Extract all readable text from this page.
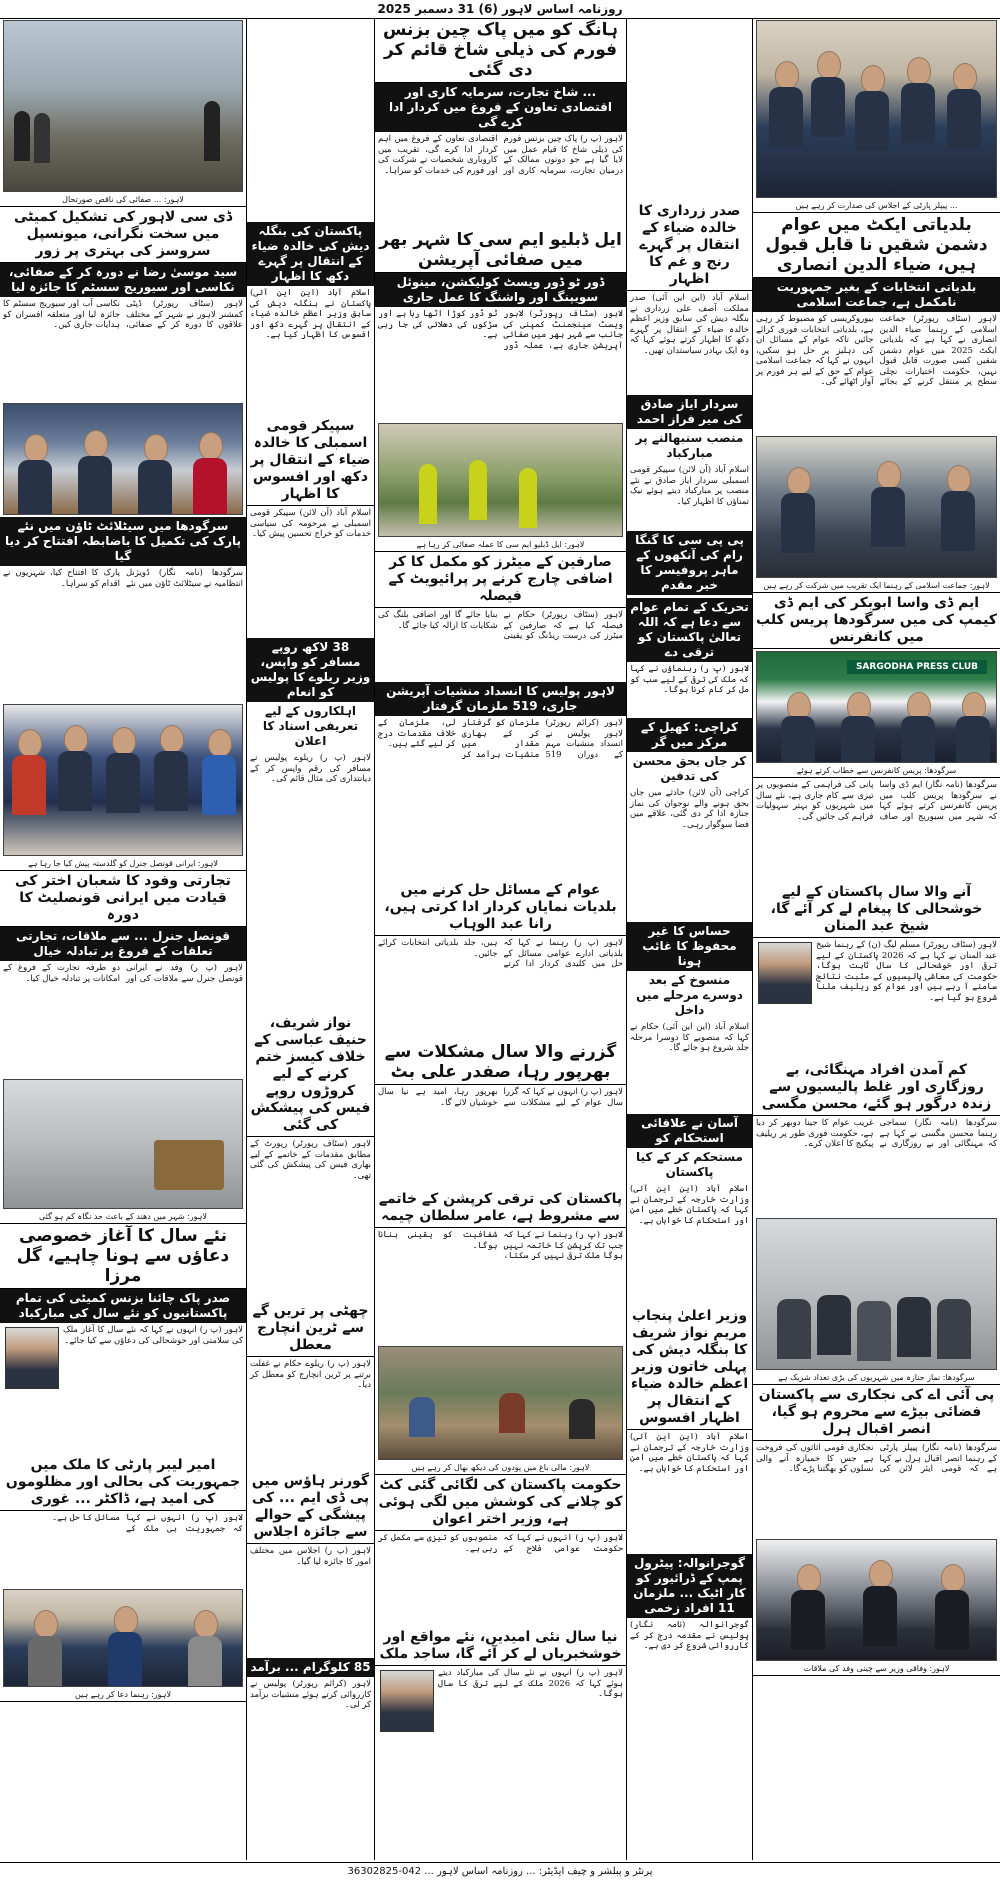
روزنامہ اساس لاہور (6) 31 دسمبر 2025
... پیپلز پارٹی کے اجلاس کی صدارت کر رہے ہیں
بلدیاتی ایکٹ میں عوام دشمن شقیں نا قابل قبول ہیں، ضیاء الدین انصاری
بلدیاتی انتخابات کے بغیر جمہوریت نامکمل ہے، جماعت اسلامی
لاہور (سٹاف رپورٹر) جماعت اسلامی کے رہنما ضیاء الدین انصاری نے کہا ہے کہ بلدیاتی ایکٹ 2025 میں عوام دشمن شقیں کسی صورت قابل قبول نہیں، حکومت اختیارات نچلی سطح پر منتقل کرنے کے بجائے بیوروکریسی کو مضبوط کر رہی ہے، بلدیاتی انتخابات فوری کرائے جائیں تاکہ عوام کے مسائل ان کی دہلیز پر حل ہو سکیں، انہوں نے کہا کہ جماعت اسلامی عوام کے حق کے لیے ہر فورم پر آواز اٹھائے گی۔
لاہور: جماعت اسلامی کے رہنما ایک تقریب میں شرکت کر رہے ہیں
ایم ڈی واسا ابوبکر کی ایم ڈی کیمپ کی میں سرگودھا پریس کلب میں کانفرنس
SARGODHA PRESS CLUB
سرگودھا: پریس کانفرنس سے خطاب کرتے ہوئے
سرگودھا (نامہ نگار) ایم ڈی واسا نے سرگودھا پریس کلب میں پریس کانفرنس کرتے ہوئے کہا کہ شہر میں سیوریج اور صاف پانی کی فراہمی کے منصوبوں پر تیزی سے کام جاری ہے، نئے سال میں شہریوں کو بہتر سہولیات فراہم کی جائیں گی۔
آنے والا سال پاکستان کے لیے خوشحالی کا پیغام لے کر آئے گا، شیخ عبد المنان
لاہور (سٹاف رپورٹر) مسلم لیگ (ن) کے رہنما شیخ عبد المنان نے کہا ہے کہ 2026 پاکستان کے لیے ترقی اور خوشحالی کا سال ثابت ہوگا، حکومت کی معاشی پالیسیوں کے مثبت نتائج سامنے آ رہے ہیں اور عوام کو ریلیف ملنا شروع ہو گیا ہے۔
کم آمدن افراد مہنگائی، بے روزگاری اور غلط پالیسیوں سے زندہ درگور ہو گئے، محسن مگسی
سرگودھا (نامہ نگار) سماجی رہنما محسن مگسی نے کہا ہے کہ مہنگائی اور بے روزگاری نے غریب عوام کا جینا دوبھر کر دیا ہے، حکومت فوری طور پر ریلیف پیکیج کا اعلان کرے۔
سرگودھا: نماز جنازہ میں شہریوں کی بڑی تعداد شریک ہے
پی آئی اے کی نجکاری سے پاکستان فضائی بیڑے سے محروم ہو گیا، انصر اقبال ہرل
سرگودھا (نامہ نگار) پیپلز پارٹی کے رہنما انصر اقبال ہرل نے کہا ہے کہ قومی ایئر لائن کی نجکاری قومی اثاثوں کی فروخت ہے جس کا خمیازہ آنے والی نسلوں کو بھگتنا پڑے گا۔
لاہور: وفاقی وزیر سے چینی وفد کی ملاقات
صدر زرداری کا خالدہ ضیاء کے انتقال پر گہرے رنج و غم کا اظہار
اسلام آباد (این این آئی) صدر مملکت آصف علی زرداری نے بنگلہ دیش کی سابق وزیر اعظم خالدہ ضیاء کے انتقال پر گہرے دکھ کا اظہار کرتے ہوئے کہا کہ وہ ایک بہادر سیاستدان تھیں۔
سردار ایاز صادق کی میر فراز احمد
منصب سنبھالنے پر مبارکباد
اسلام آباد (آن لائن) سپیکر قومی اسمبلی سردار ایاز صادق نے نئے منصب پر مبارکباد دیتے ہوئے نیک تمناؤں کا اظہار کیا۔
پی پی سی کا گنگا رام کی آنکھوں کے ماہر پروفیسر کا خیر مقدم
تحریک کے تمام عوام سے دعا ہے کہ اللہ تعالیٰ پاکستان کو ترقی دے
لاہور (پ ر) رہنماؤں نے کہا کہ ملک کی ترقی کے لیے سب کو مل کر کام کرنا ہوگا۔
کراچی: کھیل کے مرکز میں گر
کر جاں بحق محسن کی تدفین
کراچی (آن لائن) حادثے میں جاں بحق ہونے والے نوجوان کی نماز جنازہ ادا کر دی گئی، علاقے میں فضا سوگوار رہی۔
حساس کا غیر محفوظ کا غائب ہونا
منسوخ کے بعد دوسرے مرحلے میں داخل
اسلام آباد (این این آئی) حکام نے کہا کہ منصوبے کا دوسرا مرحلہ جلد شروع ہو جائے گا۔
آسان نے علاقائی استحکام کو
مستحکم کر کے کیا پاکستان
اسلام آباد (این این آئی) وزارت خارجہ کے ترجمان نے کہا کہ پاکستان خطے میں امن اور استحکام کا خواہاں ہے۔
وزیر اعلیٰ پنجاب مریم نواز شریف کا بنگلہ دیش کی پہلی خاتون وزیر اعظم خالدہ ضیاء کے انتقال پر اظہار افسوس
اسلام آباد (این این آئی) وزارت خارجہ کے ترجمان نے کہا کہ پاکستان خطے میں امن اور استحکام کا خواہاں ہے۔
گوجرانوالہ: پیٹرول پمپ کے ڈرائیور کو کار اٹیک ... ملزمان 11 افراد زخمی
گوجرانوالہ (نامہ نگار) پولیس نے مقدمہ درج کر کے کارروائی شروع کر دی ہے۔
ہانگ کو میں پاک چین بزنس فورم کی ذیلی شاخ قائم کر دی گئی
... شاخ تجارت، سرمایہ کاری اور اقتصادی تعاون کے فروغ میں کردار ادا کرے گی
لاہور (پ ر) پاک چین بزنس فورم کی ذیلی شاخ کا قیام عمل میں لایا گیا ہے جو دونوں ممالک کے درمیان تجارت، سرمایہ کاری اور اقتصادی تعاون کے فروغ میں اہم کردار ادا کرے گی، تقریب میں کاروباری شخصیات نے شرکت کی اور فورم کی خدمات کو سراہا۔
ایل ڈبلیو ایم سی کا شہر بھر میں صفائی آپریشن
ڈور ٹو ڈور ویسٹ کولیکشن، مینوئل سویپنگ اور واشنگ کا عمل جاری
لاہور (سٹاف رپورٹر) لاہور ویسٹ مینجمنٹ کمپنی کی جانب سے شہر بھر میں صفائی آپریشن جاری ہے، عملہ ڈور ٹو ڈور کوڑا اٹھا رہا ہے اور سڑکوں کی دھلائی کی جا رہی ہے۔
لاہور: ایل ڈبلیو ایم سی کا عملہ صفائی کر رہا ہے
صارفین کے میٹرز کو مکمل کا کر اضافی چارج کرنے پر پرائیویٹ کے فیصلہ
لاہور (سٹاف رپورٹر) حکام نے فیصلہ کیا ہے کہ صارفین کے میٹرز کی درست ریڈنگ کو یقینی بنایا جائے گا اور اضافی بلنگ کی شکایات کا ازالہ کیا جائے گا۔
لاہور پولیس کا انسداد منشیات آپریشن جاری، 519 ملزمان گرفتار
لاہور (کرائم رپورٹر) لاہور پولیس نے انسداد منشیات مہم کے دوران 519 ملزمان کو گرفتار کر کے بھاری مقدار میں منشیات برآمد کر لی، ملزمان کے خلاف مقدمات درج کر لیے گئے ہیں۔
عوام کے مسائل حل کرنے میں بلدیات نمایاں کردار ادا کرتی ہیں، رانا عبد الوہاب
لاہور (پ ر) رہنما نے کہا کہ بلدیاتی ادارے عوامی مسائل کے حل میں کلیدی کردار ادا کرتے ہیں، جلد بلدیاتی انتخابات کرائے جائیں۔
گزرنے والا سال مشکلات سے بھرپور رہا، صفدر علی بٹ
لاہور (پ ر) انہوں نے کہا کہ گزرا سال عوام کے لیے مشکلات سے بھرپور رہا، امید ہے نیا سال خوشیاں لائے گا۔
پاکستان کی ترقی کرپشن کے خاتمے سے مشروط ہے، عامر سلطان چیمہ
لاہور (پ ر) رہنما نے کہا کہ جب تک کرپشن کا خاتمہ نہیں ہوگا ملک ترقی نہیں کر سکتا، شفافیت کو یقینی بنانا ہوگا۔
لاہور: مالی باغ میں پودوں کی دیکھ بھال کر رہے ہیں
حکومت پاکستان کی لگائی گئی کٹ کو چلانے کی کوشش میں لگی ہوئی ہے، وزیر اختر اعوان
لاہور (پ ر) انہوں نے کہا کہ حکومت عوامی فلاح کے منصوبوں کو تیزی سے مکمل کر رہی ہے۔
نیا سال نئی امیدیں، نئے مواقع اور خوشخبریاں لے کر آئے گا، ساجد ملک
لاہور (پ ر) انہوں نے نئے سال کی مبارکباد دیتے ہوئے کہا کہ 2026 ملک کے لیے ترقی کا سال ہوگا۔
پاکستان کی بنگلہ دیش کی خالدہ ضیاء کے انتقال پر گہرے دکھ کا اظہار
اسلام آباد (این این آئی) پاکستان نے بنگلہ دیش کی سابق وزیر اعظم خالدہ ضیاء کے انتقال پر گہرے دکھ اور افسوس کا اظہار کیا ہے۔
سپیکر قومی اسمبلی کا خالدہ ضیاء کے انتقال پر دکھ اور افسوس کا اظہار
اسلام آباد (آن لائن) سپیکر قومی اسمبلی نے مرحومہ کی سیاسی خدمات کو خراج تحسین پیش کیا۔
38 لاکھ روپے مسافر کو واپس، وزیر ریلوے کا پولیس کو انعام
اہلکاروں کے لیے تعریفی اسناد کا اعلان
لاہور (پ ر) ریلوے پولیس نے مسافر کی رقم واپس کر کے دیانتداری کی مثال قائم کی۔
نواز شریف، حنیف عباسی کے خلاف کیسز ختم کرنے کے لیے کروڑوں روپے فیس کی پیشکش کی گئی
لاہور (سٹاف رپورٹر) رپورٹ کے مطابق مقدمات کے خاتمے کے لیے بھاری فیس کی پیشکش کی گئی تھی۔
چھٹی پر تریں گے سے ٹرین انچارج معطل
لاہور (پ ر) ریلوے حکام نے غفلت برتنے پر ٹرین انچارج کو معطل کر دیا۔
گورنر ہاؤس میں پی ڈی ایم ... کی پیشگی کے حوالے سے جائزہ اجلاس
لاہور (پ ر) اجلاس میں مختلف امور کا جائزہ لیا گیا۔
85 کلوگرام ... برآمد
لاہور (کرائم رپورٹر) پولیس نے کارروائی کرتے ہوئے منشیات برآمد کر لی۔
لاہور: ... صفائی کی ناقص صورتحال
ڈی سی لاہور کی تشکیل کمیٹی میں سخت نگرانی، میونسپل سروسز کی بہتری پر زور
سید موسیٰ رضا نے دورہ کر کے صفائی، نکاسی اور سیوریج سسٹم کا جائزہ لیا
لاہور (سٹاف رپورٹر) ڈپٹی کمشنر لاہور نے شہر کے مختلف علاقوں کا دورہ کر کے صفائی، نکاسی آب اور سیوریج سسٹم کا جائزہ لیا اور متعلقہ افسران کو ہدایات جاری کیں۔
سرگودھا میں سیٹلائٹ ٹاؤن میں نئے پارک کی تکمیل کا باضابطہ افتتاح کر دیا گیا
سرگودھا (نامہ نگار) ڈویژنل انتظامیہ نے سیٹلائٹ ٹاؤن میں نئے پارک کا افتتاح کیا، شہریوں نے اقدام کو سراہا۔
لاہور: ایرانی قونصل جنرل کو گلدستہ پیش کیا جا رہا ہے
تجارتی وفود کا شعبان اختر کی قیادت میں ایرانی قونصلیٹ کا دورہ
قونصل جنرل ... سے ملاقات، تجارتی تعلقات کے فروغ پر تبادلہ خیال
لاہور (پ ر) وفد نے ایرانی قونصل جنرل سے ملاقات کی اور دو طرفہ تجارت کے فروغ کے امکانات پر تبادلہ خیال کیا۔
لاہور: شہر میں دھند کے باعث حد نگاہ کم ہو گئی
نئے سال کا آغاز خصوصی دعاؤں سے ہونا چاہیے، گل مرزا
صدر پاک چائنا بزنس کمیٹی کی تمام پاکستانیوں کو نئے سال کی مبارکباد
لاہور (پ ر) انہوں نے کہا کہ نئے سال کا آغاز ملک کی سلامتی اور خوشحالی کی دعاؤں سے کیا جائے۔
امیر لیبر پارٹی کا ملک میں جمہوریت کی بحالی اور مظلوموں کی امید ہے، ڈاکٹر ... غوری
لاہور (پ ر) انہوں نے کہا کہ جمہوریت ہی ملک کے مسائل کا حل ہے۔
لاہور: رہنما دعا کر رہے ہیں
پرنٹر و پبلشر و چیف ایڈیٹر: ... روزنامہ اساس لاہور ... 042-36302825
